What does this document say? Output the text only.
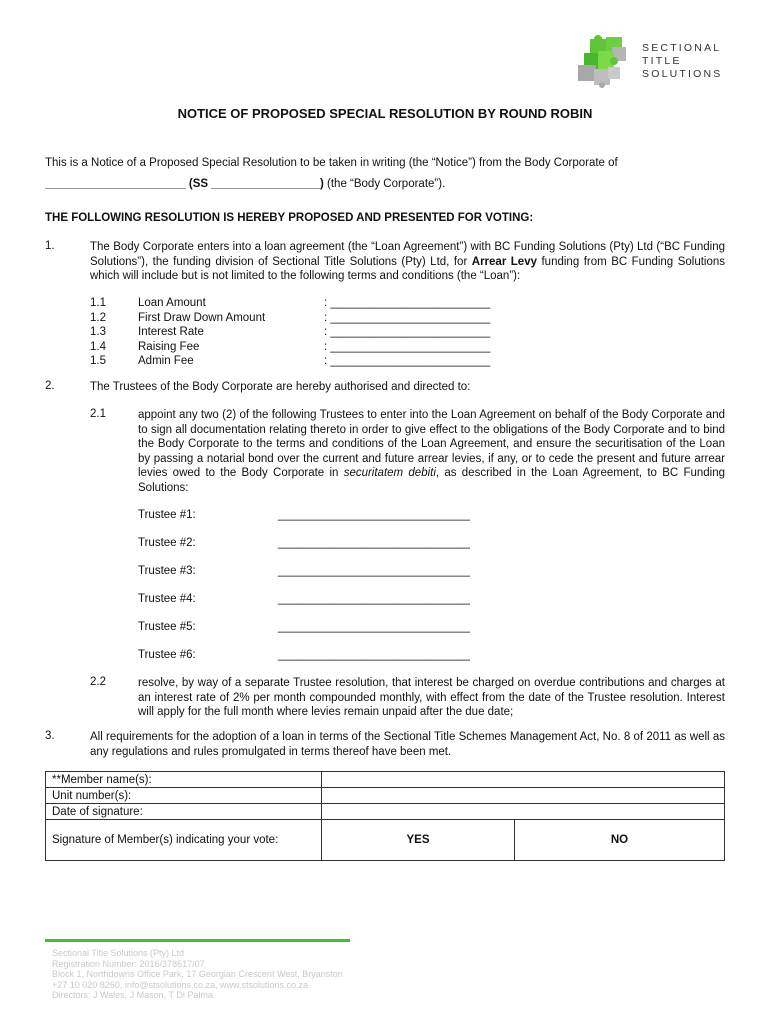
SECTIONAL
TITLE
SOLUTIONS
NOTICE OF PROPOSED SPECIAL RESOLUTION BY ROUND ROBIN
This is a Notice of a Proposed Special Resolution to be taken in writing (the “Notice”) from the Body Corporate of
______________________ (SS _________________) (the “Body Corporate”).
THE FOLLOWING RESOLUTION IS HEREBY PROPOSED AND PRESENTED FOR VOTING:
1.	The Body Corporate enters into a loan agreement (the “Loan Agreement”) with BC Funding Solutions (Pty) Ltd (“BC Funding Solutions”), the funding division of Sectional Title Solutions (Pty) Ltd, for Arrear Levy funding from BC Funding Solutions which will include but is not limited to the following terms and conditions (the “Loan”):
1.1	Loan Amount	: _________________________
1.2	First Draw Down Amount	: _________________________
1.3	Interest Rate	: _________________________
1.4	Raising Fee	: _________________________
1.5	Admin Fee	: _________________________
2.	The Trustees of the Body Corporate are hereby authorised and directed to:
2.1	appoint any two (2) of the following Trustees to enter into the Loan Agreement on behalf of the Body Corporate and to sign all documentation relating thereto in order to give effect to the obligations of the Body Corporate and to bind the Body Corporate to the terms and conditions of the Loan Agreement, and ensure the securitisation of the Loan by passing a notarial bond over the current and future arrear levies, if any, or to cede the present and future arrear levies owed to the Body Corporate in securitatem debiti, as described in the Loan Agreement, to BC Funding Solutions:
Trustee #1:	______________________________
Trustee #2:	______________________________
Trustee #3:	______________________________
Trustee #4:	______________________________
Trustee #5:	______________________________
Trustee #6:	______________________________
2.2	resolve, by way of a separate Trustee resolution, that interest be charged on overdue contributions and charges at an interest rate of 2% per month compounded monthly, with effect from the date of the Trustee resolution. Interest will apply for the full month where levies remain unpaid after the due date;
3.	All requirements for the adoption of a loan in terms of the Sectional Title Schemes Management Act, No. 8 of 2011 as well as any regulations and rules promulgated in terms thereof have been met.
**Member name(s):		
Unit number(s):		
Date of signature:		
Signature of Member(s) indicating your vote:	YES	NO
Sectional Title Solutions (Pty) Ltd
Registration Number: 2016/378617/07
Block 1, Northdowns Office Park, 17 Georgian Crescent West, Bryanston
+27 10 020 8260, info@stsolutions.co.za, www.stsolutions.co.za
Directors: J Wales, J Mason, T Di Palma
